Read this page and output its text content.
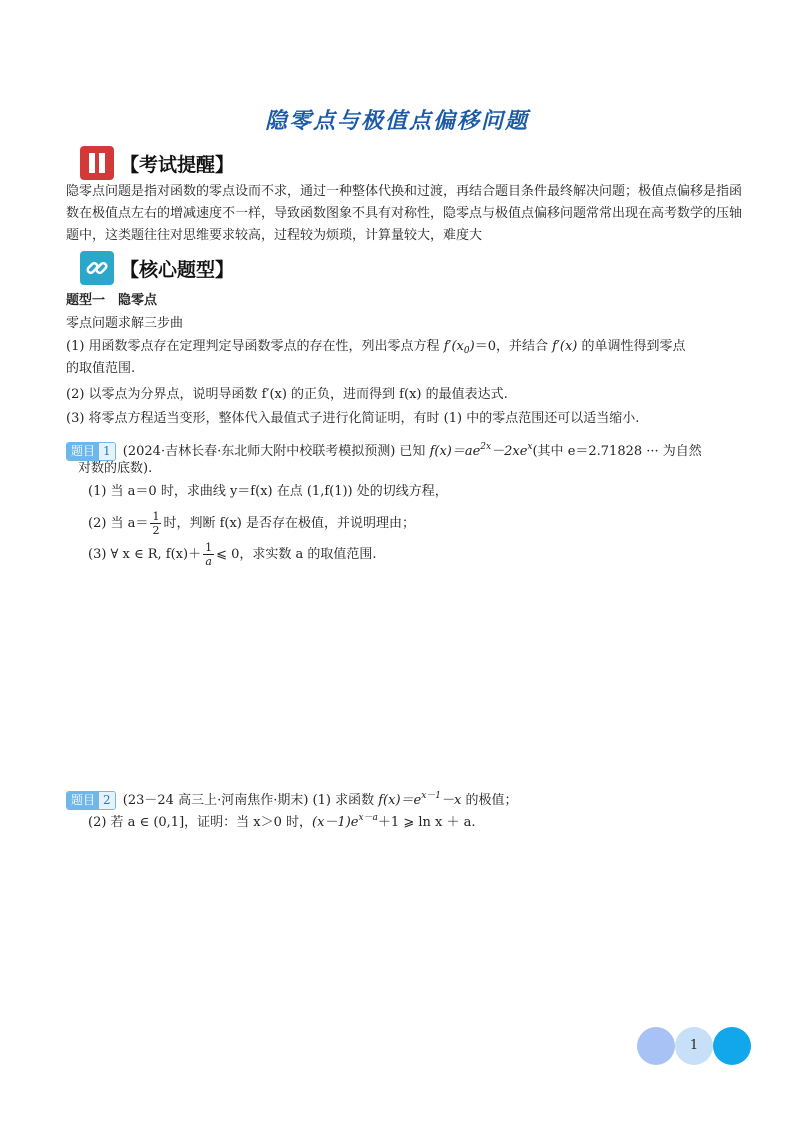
隐零点与极值点偏移问题
【考试提醒】
隐零点问题是指对函数的零点设而不求，通过一种整体代换和过渡，再结合题目条件最终解决问题；极值点偏移是指函数在极值点左右的增减速度不一样，导致函数图象不具有对称性，隐零点与极值点偏移问题常常出现在高考数学的压轴题中，这类题往往对思维要求较高，过程较为烦琐，计算量较大，难度大
【核心题型】
题型一　隐零点
零点问题求解三步曲
(1) 用函数零点存在定理判定导函数零点的存在性，列出零点方程 $f'(x_0)=0$，并结合 f′(x) 的单调性得到零点
的取值范围.
(2) 以零点为分界点，说明导函数 f′(x) 的正负，进而得到 f(x) 的最值表达式.
(3) 将零点方程适当变形，整体代入最值式子进行化简证明，有时 (1) 中的零点范围还可以适当缩小.
题目 1 (2024·吉林长春·东北师大附中校联考模拟预测) 已知 $f(x)=ae^{2x}-2xe^x$(其中 e＝2.71828 ··· 为自然
对数的底数).
(1) 当 a＝0 时，求曲线 y＝f(x) 在点 (1,f(1)) 处的切线方程，
(2) 当 $a= \frac{1}{2}$ 时，判断 f(x) 是否存在极值，并说明理由；
(3) ∀ x ∈ R, $f(x)+ \frac{1}{a}$ ⩽ 0，求实数 a 的取值范围.
题目 2 (23－24 高三上·河南焦作·期末) (1) 求函数 $f(x)=e^{x-1}-x$ 的极值；
(2) 若 a ∈ (0,1]，证明：当 x＞0 时，$(x-1)e^{x-a}+1$ ⩾ ln x ＋ a.
1
